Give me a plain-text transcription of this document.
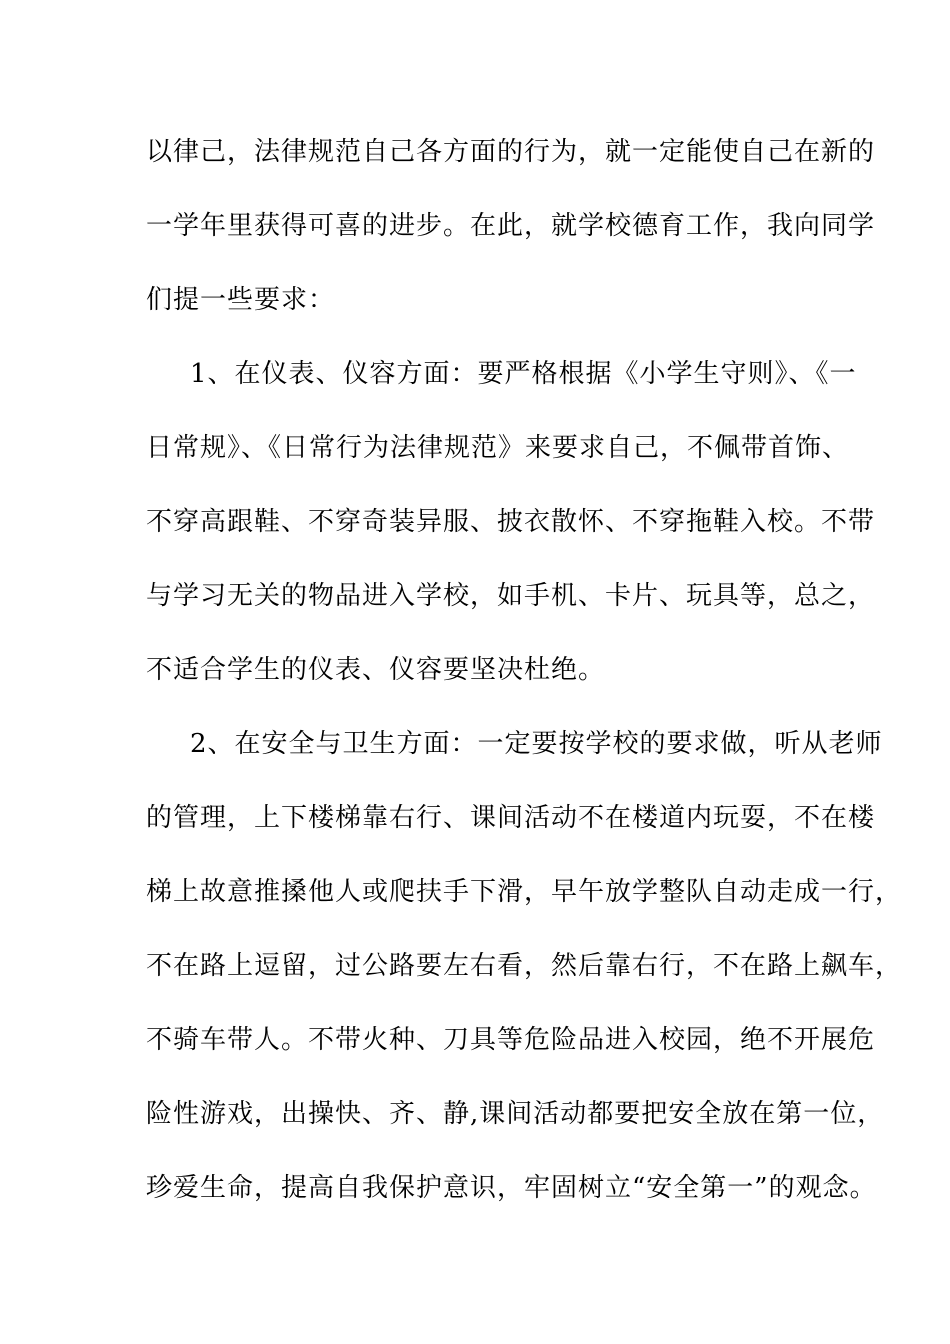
以律己，法律规范自己各方面的行为，就一定能使自己在新的
一学年里获得可喜的进步。在此，就学校德育工作，我向同学
们提一些要求：
1、在仪表、仪容方面：要严格根据《小学生守则》、《一
日常规》、《日常行为法律规范》来要求自己，不佩带首饰、
不穿高跟鞋、不穿奇装异服、披衣散怀、不穿拖鞋入校。不带
与学习无关的物品进入学校，如手机、卡片、玩具等，总之，
不适合学生的仪表、仪容要坚决杜绝。
2、在安全与卫生方面：一定要按学校的要求做，听从老师
的管理，上下楼梯靠右行、课间活动不在楼道内玩耍，不在楼
梯上故意推搡他人或爬扶手下滑，早午放学整队自动走成一行，
不在路上逗留，过公路要左右看，然后靠右行，不在路上飙车，
不骑车带人。不带火种、刀具等危险品进入校园，绝不开展危
险性游戏，出操快、齐、静,课间活动都要把安全放在第一位，
珍爱生命，提高自我保护意识，牢固树立“安全第一”的观念。
